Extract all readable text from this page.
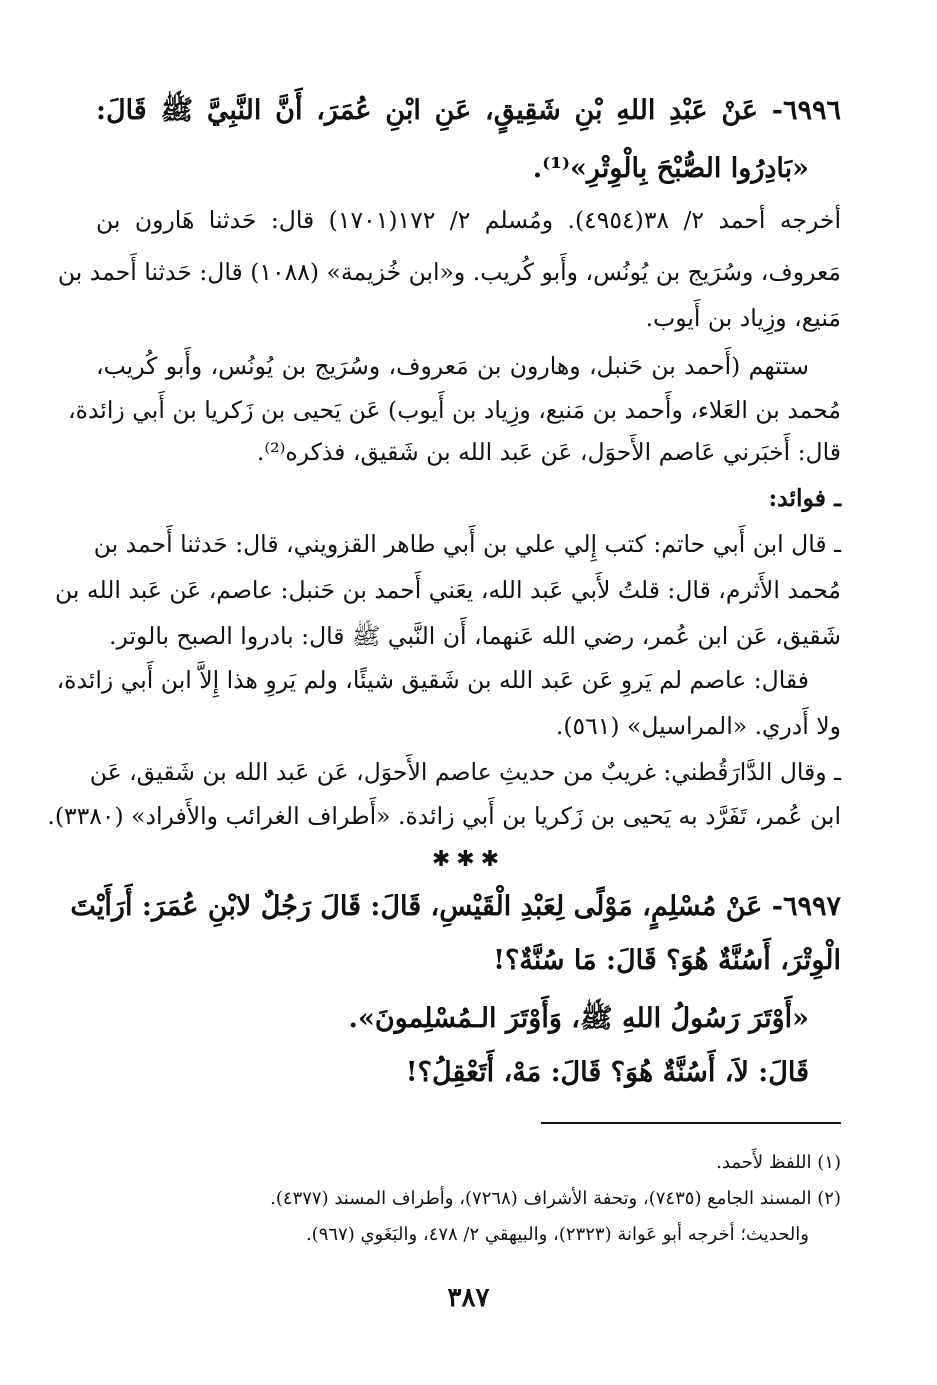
٦٩٩٦- عَنْ عَبْدِ اللهِ بْنِ شَقِيقٍ، عَنِ ابْنِ عُمَرَ، أَنَّ النَّبِيَّ ﷺ قَالَ:
«بَادِرُوا الصُّبْحَ بِالْوِتْرِ»⁽¹⁾.
أخرجه أحمد ٢/ ٣٨(٤٩٥٤). ومُسلم ٢/ ١٧٢(١٧٠١) قال: حَدثنا هَارون بن
مَعروف، وسُرَيج بن يُونُس، وأَبو كُريب. و«ابن خُزيمة» (١٠٨٨) قال: حَدثنا أَحمد بن
مَنيع، وزِياد بن أَيوب.
ستتهم (أَحمد بن حَنبل، وهارون بن مَعروف، وسُرَيج بن يُونُس، وأَبو كُريب،
مُحمد بن العَلاء، وأَحمد بن مَنيع، وزِياد بن أَيوب) عَن يَحيى بن زَكريا بن أَبي زائدة،
قال: أَخبَرني عَاصم الأَحوَل، عَن عَبد الله بن شَقيق، فذكره⁽²⁾.
ـ فوائد:
ـ قال ابن أَبي حاتم: كتب إِلي علي بن أَبي طاهر القزويني، قال: حَدثنا أَحمد بن
مُحمد الأَثرم، قال: قلتُ لأَبي عَبد الله، يعَني أَحمد بن حَنبل: عاصم، عَن عَبد الله بن
شَقيق، عَن ابن عُمر، رضي الله عَنهما، أَن النَّبي ﷺ قال: بادروا الصبح بالوتر.
فقال: عاصم لم يَروِ عَن عَبد الله بن شَقيق شيئًا، ولم يَروِ هذا إِلاَّ ابن أَبي زائدة،
ولا أَدري. «المراسيل» (٥٦١).
ـ وقال الدَّارَقُطني: غريبٌ من حديثِ عاصم الأَحوَل، عَن عَبد الله بن شَقيق، عَن
ابن عُمر، تَفَرَّد به يَحيى بن زَكريا بن أَبي زائدة. «أَطراف الغرائب والأَفراد» (٣٣٨٠).
✱✱✱
٦٩٩٧- عَنْ مُسْلِمٍ، مَوْلًى لِعَبْدِ الْقَيْسِ، قَالَ: قَالَ رَجُلٌ لابْنِ عُمَرَ: أَرَأَيْتَ
الْوِتْرَ، أَسُنَّةٌ هُوَ؟ قَالَ: مَا سُنَّةٌ؟!
«أَوْتَرَ رَسُولُ اللهِ ﷺ، وَأَوْتَرَ الـمُسْلِمونَ».
قَالَ: لاَ، أَسُنَّةٌ هُوَ؟ قَالَ: مَهْ، أَتَعْقِلُ؟!
(١) اللفظ لأَحمد.
(٢) المسند الجامع (٧٤٣٥)، وتحفة الأشراف (٧٢٦٨)، وأطراف المسند (٤٣٧٧).
والحديث؛ أخرجه أبو عَوانة (٢٣٢٣)، والبيهقي ٢/ ٤٧٨، والبَغَوي (٩٦٧).
٣٨٧
